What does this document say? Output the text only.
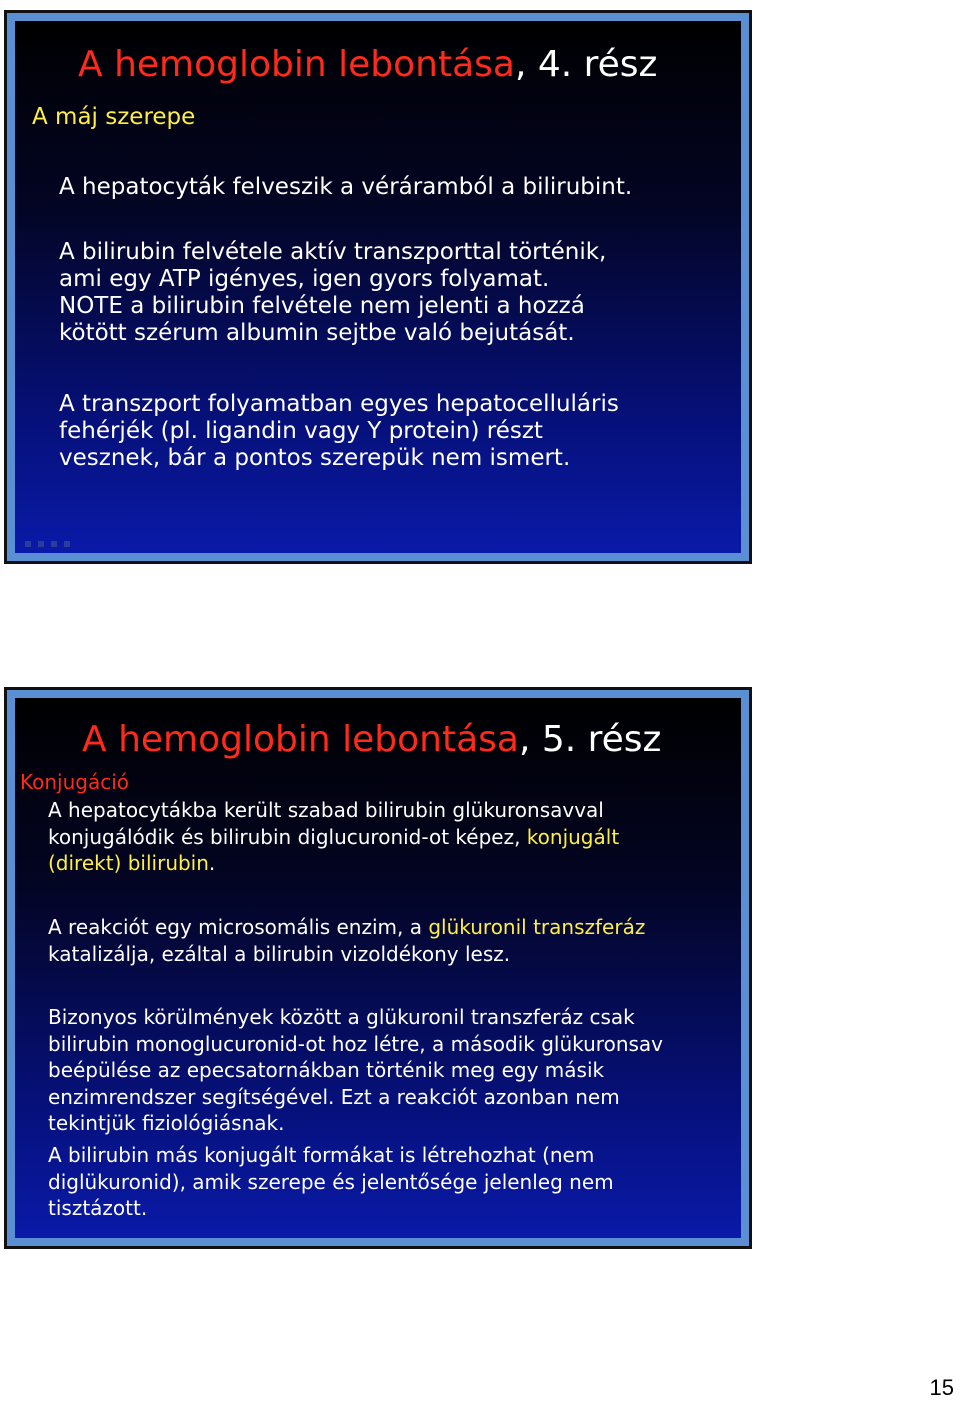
A hemoglobin lebontása, 4. rész
A máj szerepe

A hepatocyták felveszik a véráramból a bilirubint.

A bilirubin felvétele aktív transzporttal történik,
ami egy ATP igényes, igen gyors folyamat.
NOTE a bilirubin felvétele nem jelenti a hozzá
kötött szérum albumin sejtbe való bejutását.

A transzport folyamatban egyes hepatocelluláris
fehérjék (pl. ligandin vagy Y protein) részt
vesznek, bár a pontos szerepük nem ismert.

A hemoglobin lebontása, 5. rész
Konjugáció

A hepatocytákba került szabad bilirubin glükuronsavval
konjugálódik és bilirubin diglucuronid-ot képez, konjugált
(direkt) bilirubin.

A reakciót egy microsomális enzim, a glükuronil transzferáz
katalizálja, ezáltal a bilirubin vizoldékony lesz.

Bizonyos körülmények között a glükuronil transzferáz csak
bilirubin monoglucuronid-ot hoz létre, a második glükuronsav
beépülése az epecsatornákban történik meg egy másik
enzimrendszer segítségével. Ezt a reakciót azonban nem
tekintjük fiziológiásnak.

A bilirubin más konjugált formákat is létrehozhat (nem
diglükuronid), amik szerepe és jelentősége jelenleg nem
tisztázott.

15
